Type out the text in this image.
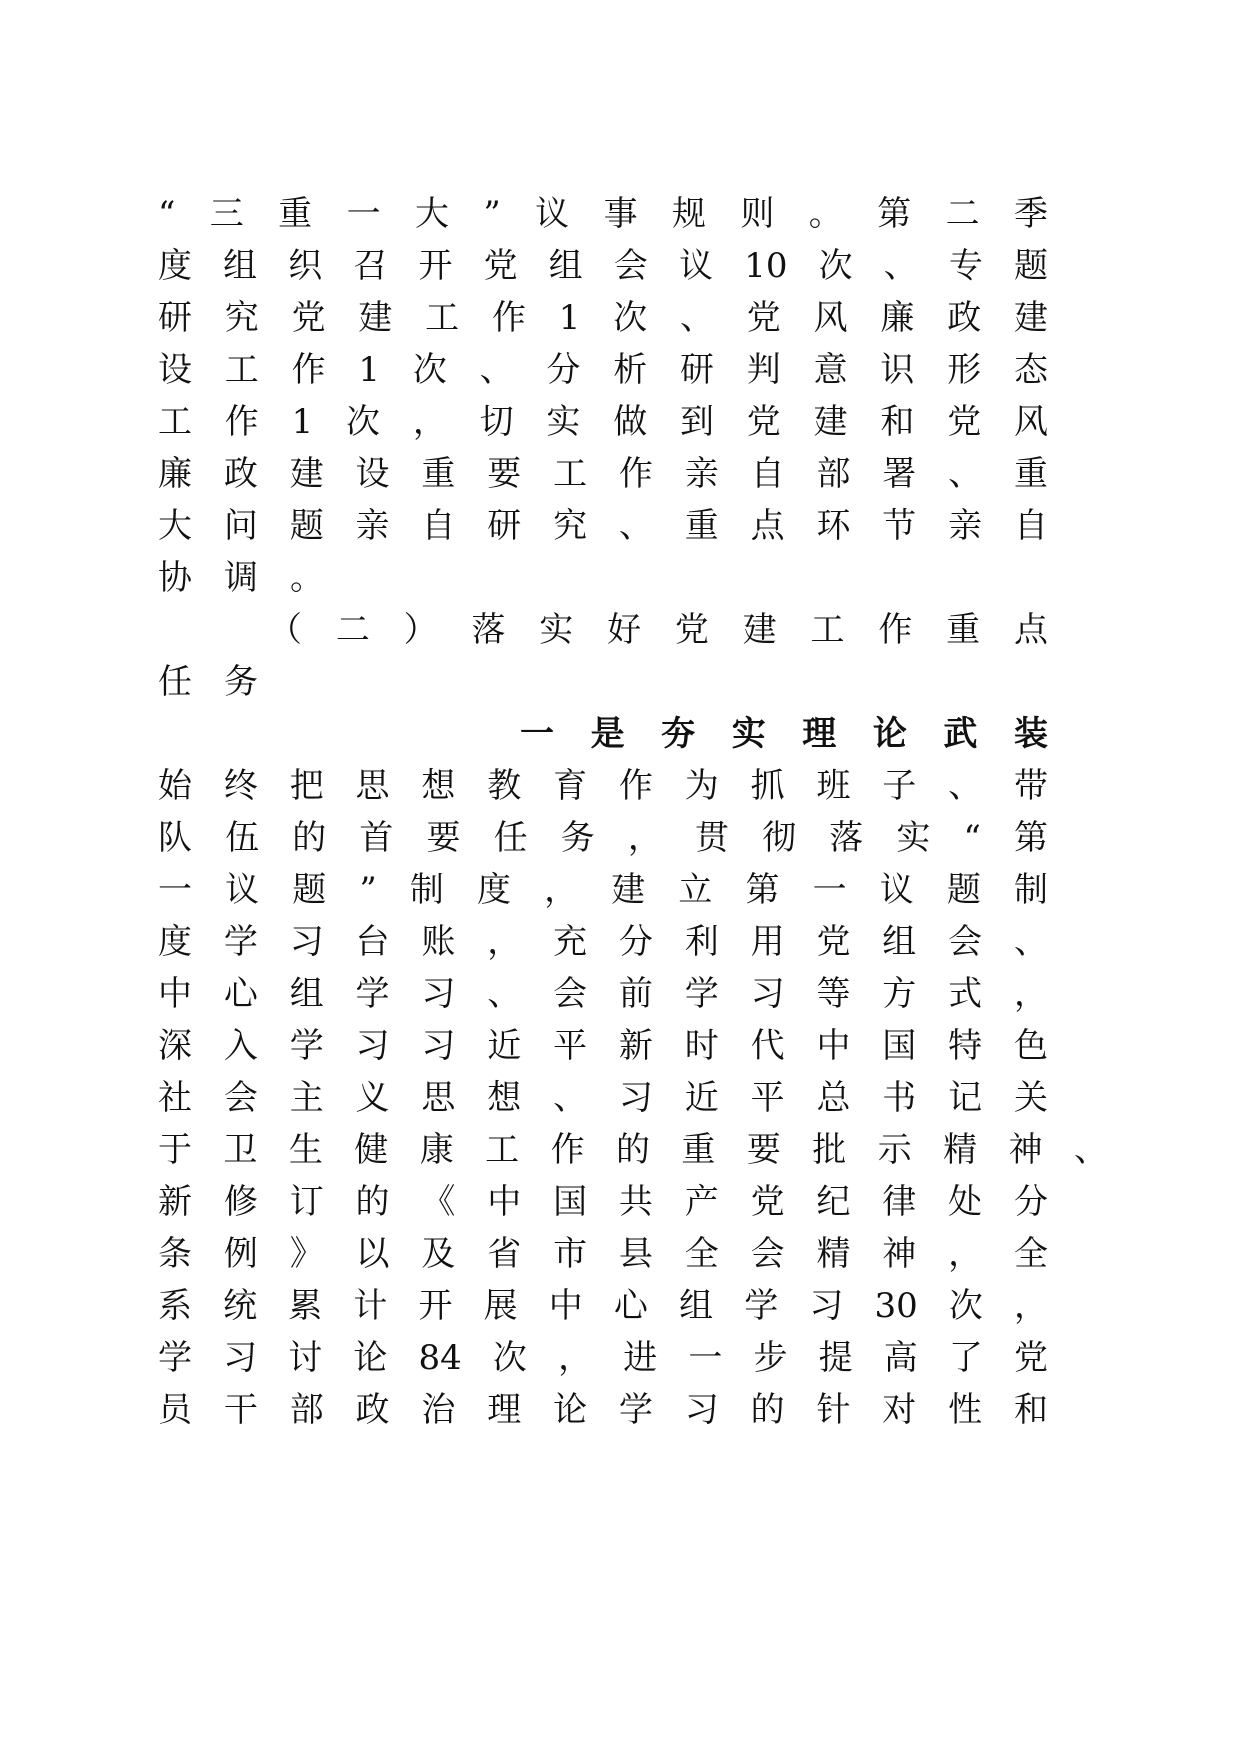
“三重一大”议事规则。第二季
度组织召开党组会议10次、专题
研究党建工作1次、党风廉政建
设工作1次、分析研判意识形态
工作1次，切实做到党建和党风
廉政建设重要工作亲自部署、重
大问题亲自研究、重点环节亲自
协调。
（二）落实好党建工作重点
任务
一是夯实理论武装
始终把思想教育作为抓班子、带
队伍的首要任务，贯彻落实“第
一议题”制度，建立第一议题制
度学习台账，充分利用党组会、
中心组学习、会前学习等方式，
深入学习习近平新时代中国特色
社会主义思想、习近平总书记关
于卫生健康工作的重要批示精神、
新修订的《中国共产党纪律处分
条例》以及省市县全会精神，全
系统累计开展中心组学习30次，
学习讨论84次，进一步提高了党
员干部政治理论学习的针对性和
